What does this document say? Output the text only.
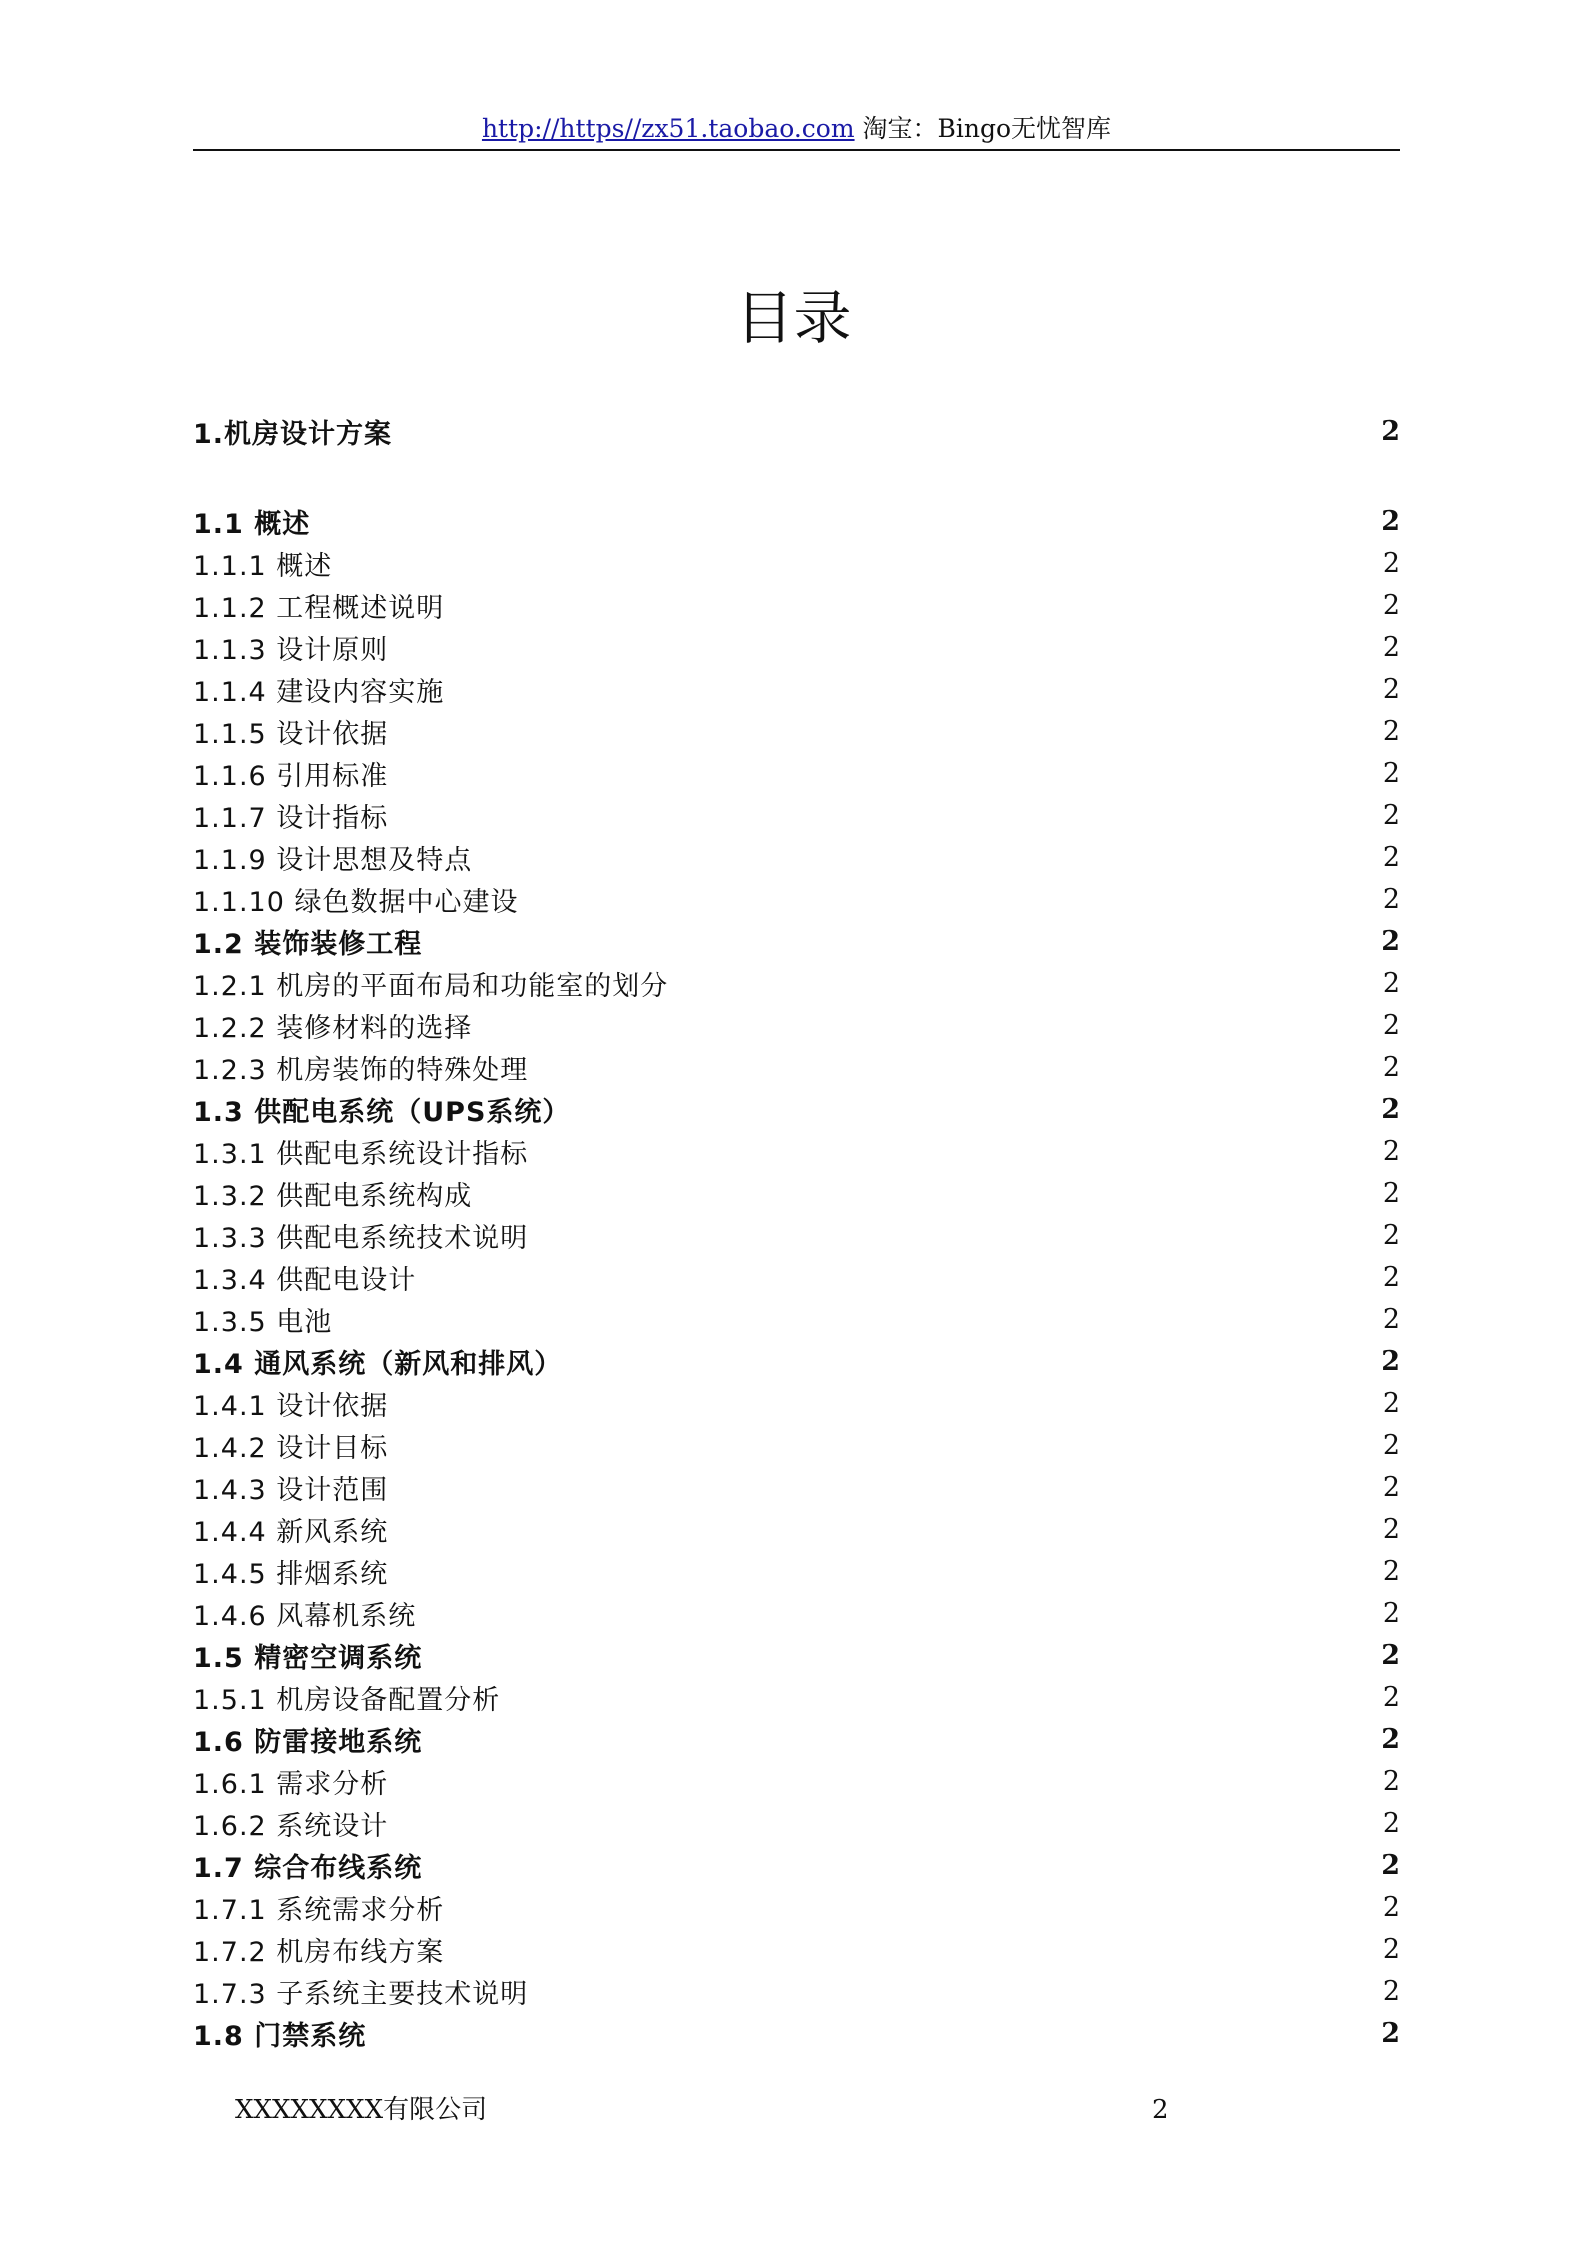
http://https//zx51.taobao.com 淘宝：Bingo无忧智库
目录
1.机房设计方案	2
1.1 概述	2
1.1.1 概述	2
1.1.2 工程概述说明	2
1.1.3 设计原则	2
1.1.4 建设内容实施	2
1.1.5 设计依据	2
1.1.6 引用标准	2
1.1.7 设计指标	2
1.1.9 设计思想及特点	2
1.1.10 绿色数据中心建设	2
1.2 装饰装修工程	2
1.2.1 机房的平面布局和功能室的划分	2
1.2.2 装修材料的选择	2
1.2.3 机房装饰的特殊处理	2
1.3 供配电系统（UPS系统）	2
1.3.1 供配电系统设计指标	2
1.3.2 供配电系统构成	2
1.3.3 供配电系统技术说明	2
1.3.4 供配电设计	2
1.3.5 电池	2
1.4 通风系统（新风和排风）	2
1.4.1 设计依据	2
1.4.2 设计目标	2
1.4.3 设计范围	2
1.4.4 新风系统	2
1.4.5 排烟系统	2
1.4.6 风幕机系统	2
1.5 精密空调系统	2
1.5.1 机房设备配置分析	2
1.6 防雷接地系统	2
1.6.1 需求分析	2
1.6.2 系统设计	2
1.7 综合布线系统	2
1.7.1 系统需求分析	2
1.7.2 机房布线方案	2
1.7.3 子系统主要技术说明	2
1.8 门禁系统	2
XXXXXXXX有限公司	2
